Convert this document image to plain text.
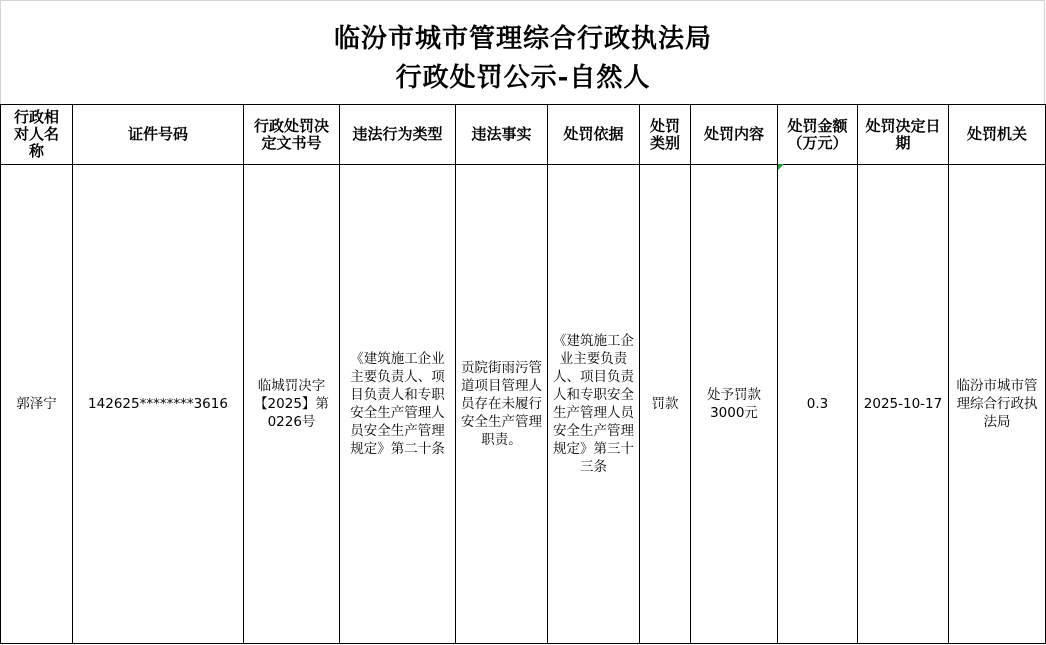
临汾市城市管理综合行政执法局
行政处罚公示-自然人
行政相对人名称	证件号码	行政处罚决定文书号	违法行为类型	违法事实	处罚依据	处罚类别	处罚内容	处罚金额（万元）	处罚决定日期	处罚机关
郭泽宁	142625********3616	临城罚决字【2025】第0226号	《建筑施工企业主要负责人、项目负责人和专职安全生产管理人员安全生产管理规定》第二十条	贡院街雨污管道项目管理人员存在未履行安全生产管理职责。	《建筑施工企业主要负责人、项目负责人和专职安全生产管理人员安全生产管理规定》第三十三条	罚款	处予罚款3000元	0.3	2025-10-17	临汾市城市管理综合行政执法局
